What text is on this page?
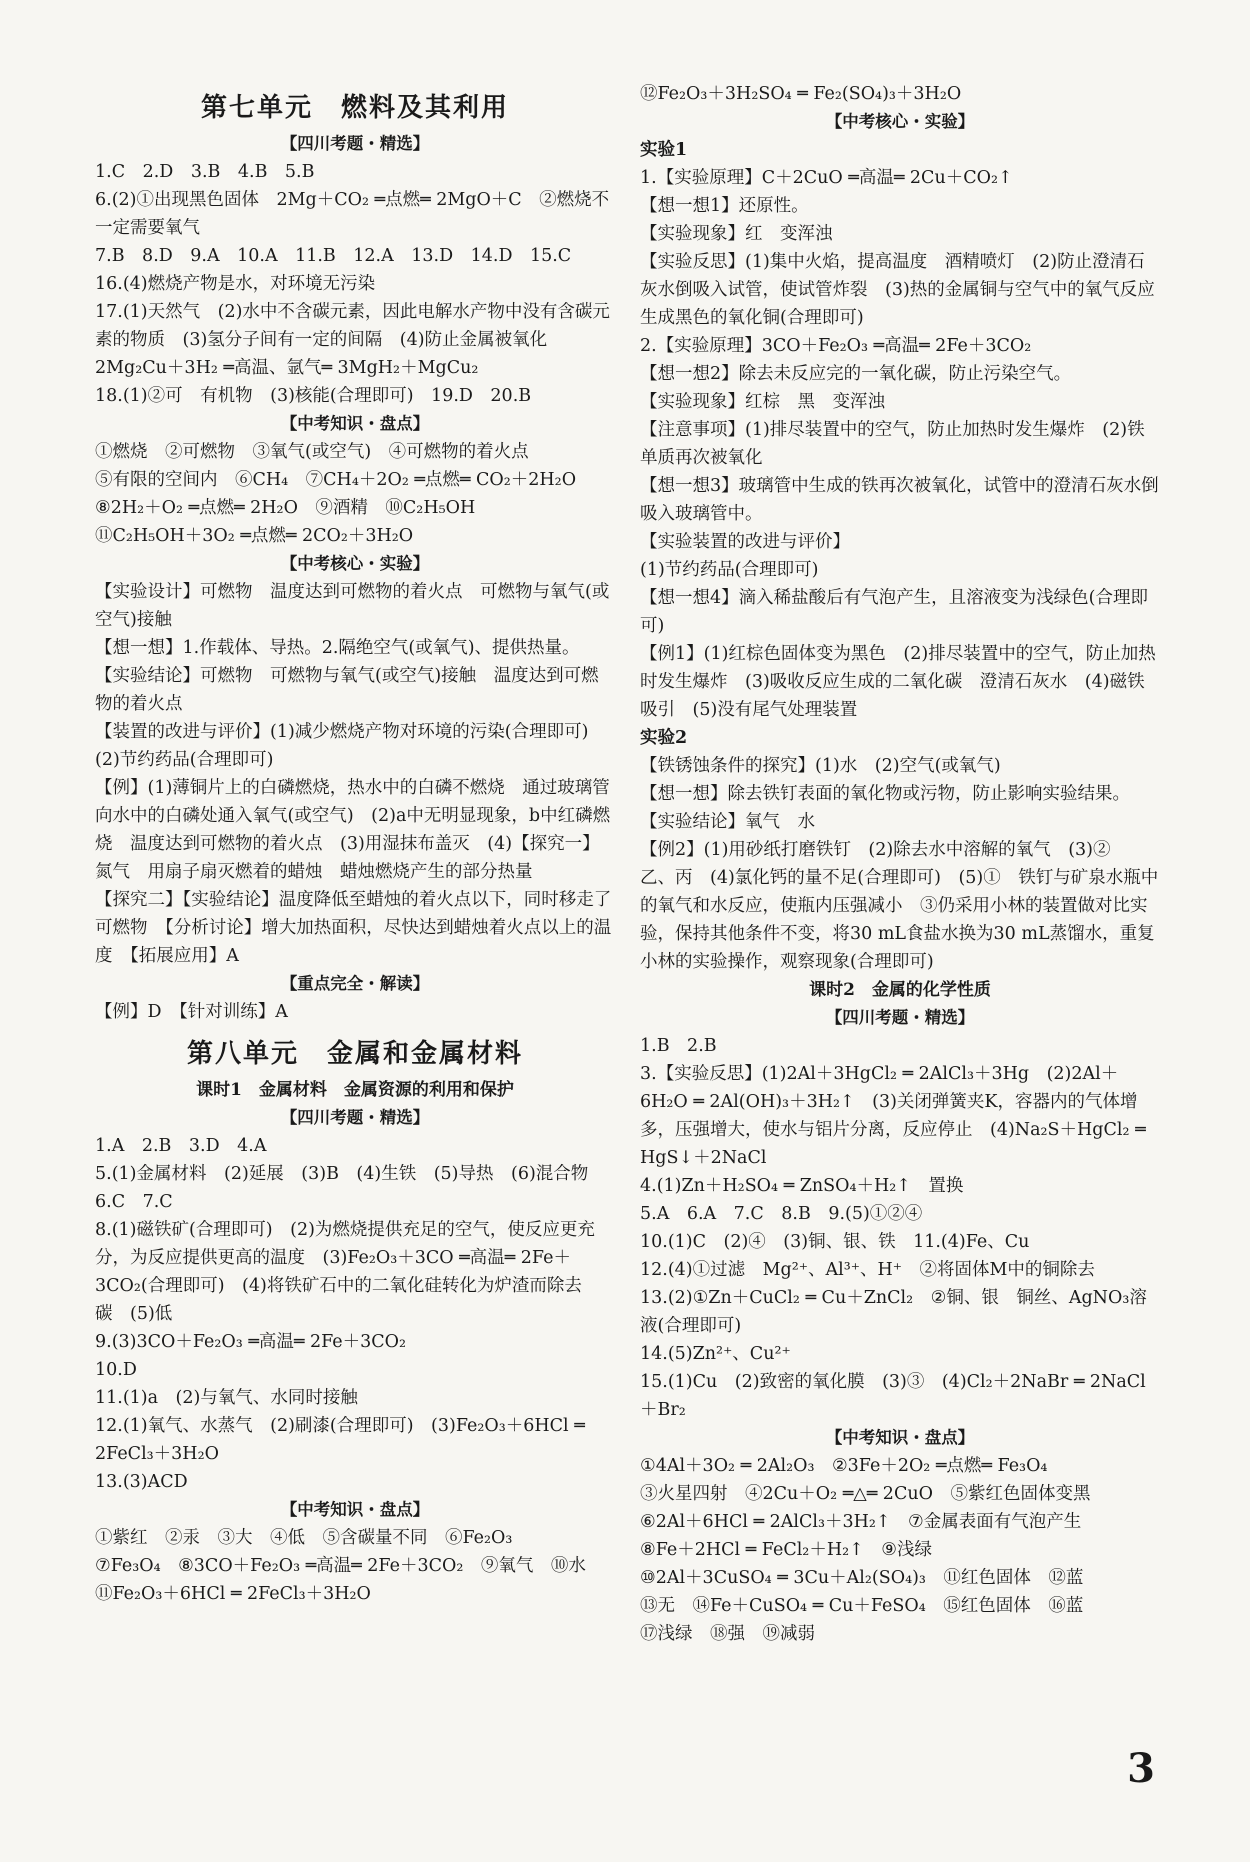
第七单元　燃料及其利用
【四川考题・精选】
1.C　2.D　3.B　4.B　5.B
6.(2)①出现黑色固体　2Mg＋CO₂ ═点燃═ 2MgO＋C　②燃烧不一定需要氧气
7.B　8.D　9.A　10.A　11.B　12.A　13.D　14.D　15.C
16.(4)燃烧产物是水，对环境无污染
17.(1)天然气　(2)水中不含碳元素，因此电解水产物中没有含碳元素的物质　(3)氢分子间有一定的间隔　(4)防止金属被氧化　2Mg₂Cu＋3H₂ ═高温、氩气═ 3MgH₂＋MgCu₂
18.(1)②可　有机物　(3)核能(合理即可)　19.D　20.B
【中考知识・盘点】
①燃烧　②可燃物　③氧气(或空气)　④可燃物的着火点
⑤有限的空间内　⑥CH₄　⑦CH₄＋2O₂ ═点燃═ CO₂＋2H₂O
⑧2H₂＋O₂ ═点燃═ 2H₂O　⑨酒精　⑩C₂H₅OH
⑪C₂H₅OH＋3O₂ ═点燃═ 2CO₂＋3H₂O
【中考核心・实验】
【实验设计】可燃物　温度达到可燃物的着火点　可燃物与氧气(或空气)接触
【想一想】1.作载体、导热。2.隔绝空气(或氧气)、提供热量。
【实验结论】可燃物　可燃物与氧气(或空气)接触　温度达到可燃物的着火点
【装置的改进与评价】(1)减少燃烧产物对环境的污染(合理即可)　(2)节约药品(合理即可)
【例】(1)薄铜片上的白磷燃烧，热水中的白磷不燃烧　通过玻璃管向水中的白磷处通入氧气(或空气)　(2)a中无明显现象，b中红磷燃烧　温度达到可燃物的着火点　(3)用湿抹布盖灭　(4)【探究一】氮气　用扇子扇灭燃着的蜡烛　蜡烛燃烧产生的部分热量
【探究二】【实验结论】温度降低至蜡烛的着火点以下，同时移走了可燃物　【分析讨论】增大加热面积，尽快达到蜡烛着火点以上的温度　【拓展应用】A
【重点完全・解读】
【例】D　【针对训练】A
第八单元　金属和金属材料
课时1　金属材料　金属资源的利用和保护
【四川考题・精选】
1.A　2.B　3.D　4.A
5.(1)金属材料　(2)延展　(3)B　(4)生铁　(5)导热　(6)混合物
6.C　7.C
8.(1)磁铁矿(合理即可)　(2)为燃烧提供充足的空气，使反应更充分，为反应提供更高的温度　(3)Fe₂O₃＋3CO ═高温═ 2Fe＋3CO₂(合理即可)　(4)将铁矿石中的二氧化硅转化为炉渣而除去　碳　(5)低
9.(3)3CO＋Fe₂O₃ ═高温═ 2Fe＋3CO₂
10.D
11.(1)a　(2)与氧气、水同时接触
12.(1)氧气、水蒸气　(2)刷漆(合理即可)　(3)Fe₂O₃＋6HCl ═ 2FeCl₃＋3H₂O
13.(3)ACD
【中考知识・盘点】
①紫红　②汞　③大　④低　⑤含碳量不同　⑥Fe₂O₃
⑦Fe₃O₄　⑧3CO＋Fe₂O₃ ═高温═ 2Fe＋3CO₂　⑨氧气　⑩水
⑪Fe₂O₃＋6HCl ═ 2FeCl₃＋3H₂O
⑫Fe₂O₃＋3H₂SO₄ ═ Fe₂(SO₄)₃＋3H₂O
【中考核心・实验】
实验1
1.【实验原理】C＋2CuO ═高温═ 2Cu＋CO₂↑
【想一想1】还原性。
【实验现象】红　变浑浊
【实验反思】(1)集中火焰，提高温度　酒精喷灯　(2)防止澄清石灰水倒吸入试管，使试管炸裂　(3)热的金属铜与空气中的氧气反应生成黑色的氧化铜(合理即可)
2.【实验原理】3CO＋Fe₂O₃ ═高温═ 2Fe＋3CO₂
【想一想2】除去未反应完的一氧化碳，防止污染空气。
【实验现象】红棕　黑　变浑浊
【注意事项】(1)排尽装置中的空气，防止加热时发生爆炸　(2)铁单质再次被氧化
【想一想3】玻璃管中生成的铁再次被氧化，试管中的澄清石灰水倒吸入玻璃管中。
【实验装置的改进与评价】
(1)节约药品(合理即可)
【想一想4】滴入稀盐酸后有气泡产生，且溶液变为浅绿色(合理即可)
【例1】(1)红棕色固体变为黑色　(2)排尽装置中的空气，防止加热时发生爆炸　(3)吸收反应生成的二氧化碳　澄清石灰水　(4)磁铁吸引　(5)没有尾气处理装置
实验2
【铁锈蚀条件的探究】(1)水　(2)空气(或氧气)
【想一想】除去铁钉表面的氧化物或污物，防止影响实验结果。
【实验结论】氧气　水
【例2】(1)用砂纸打磨铁钉　(2)除去水中溶解的氧气　(3)②　乙、丙　(4)氯化钙的量不足(合理即可)　(5)①　铁钉与矿泉水瓶中的氧气和水反应，使瓶内压强减小　③仍采用小林的装置做对比实验，保持其他条件不变，将30 mL食盐水换为30 mL蒸馏水，重复小林的实验操作，观察现象(合理即可)
课时2　金属的化学性质
【四川考题・精选】
1.B　2.B
3.【实验反思】(1)2Al＋3HgCl₂ ═ 2AlCl₃＋3Hg　(2)2Al＋6H₂O ═ 2Al(OH)₃＋3H₂↑　(3)关闭弹簧夹K，容器内的气体增多，压强增大，使水与铝片分离，反应停止　(4)Na₂S＋HgCl₂ ═ HgS↓＋2NaCl
4.(1)Zn＋H₂SO₄ ═ ZnSO₄＋H₂↑　置换
5.A　6.A　7.C　8.B　9.(5)①②④
10.(1)C　(2)④　(3)铜、银、铁　11.(4)Fe、Cu
12.(4)①过滤　Mg²⁺、Al³⁺、H⁺　②将固体M中的铜除去
13.(2)①Zn＋CuCl₂ ═ Cu＋ZnCl₂　②铜、银　铜丝、AgNO₃溶液(合理即可)
14.(5)Zn²⁺、Cu²⁺
15.(1)Cu　(2)致密的氧化膜　(3)③　(4)Cl₂＋2NaBr ═ 2NaCl＋Br₂
【中考知识・盘点】
①4Al＋3O₂ ═ 2Al₂O₃　②3Fe＋2O₂ ═点燃═ Fe₃O₄
③火星四射　④2Cu＋O₂ ═△═ 2CuO　⑤紫红色固体变黑
⑥2Al＋6HCl ═ 2AlCl₃＋3H₂↑　⑦金属表面有气泡产生
⑧Fe＋2HCl ═ FeCl₂＋H₂↑　⑨浅绿
⑩2Al＋3CuSO₄ ═ 3Cu＋Al₂(SO₄)₃　⑪红色固体　⑫蓝
⑬无　⑭Fe＋CuSO₄ ═ Cu＋FeSO₄　⑮红色固体　⑯蓝
⑰浅绿　⑱强　⑲减弱
3
